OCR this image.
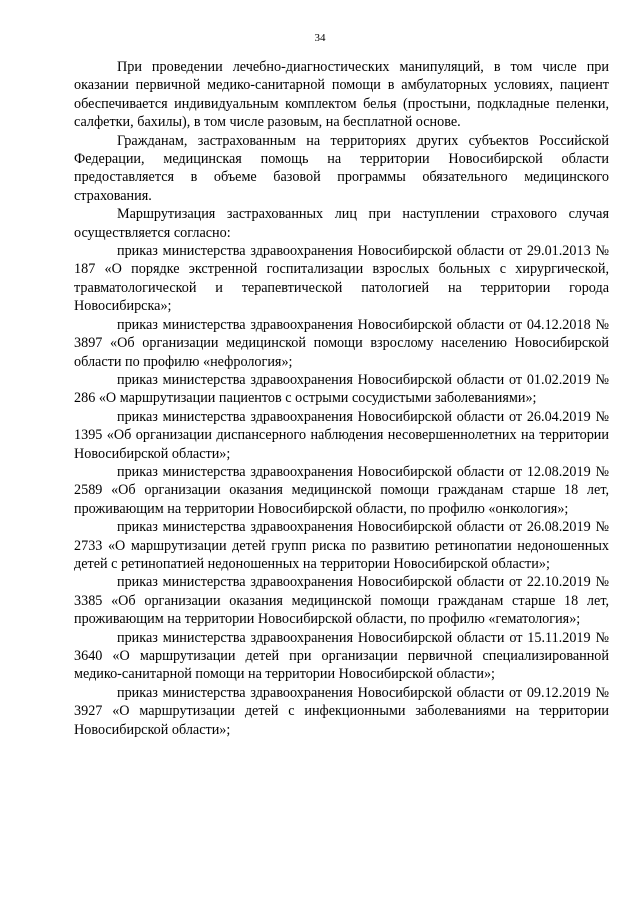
34

При проведении лечебно-диагностических манипуляций, в том числе при оказании первичной медико-санитарной помощи в амбулаторных условиях, пациент обеспечивается индивидуальным комплектом белья (простыни, подкладные пеленки, салфетки, бахилы), в том числе разовым, на бесплатной основе.

Гражданам, застрахованным на территориях других субъектов Российской Федерации, медицинская помощь на территории Новосибирской области предоставляется в объеме базовой программы обязательного медицинского страхования.

Маршрутизация застрахованных лиц при наступлении страхового случая осуществляется согласно:

приказ министерства здравоохранения Новосибирской области от 29.01.2013 № 187 «О порядке экстренной госпитализации взрослых больных с хирургической, травматологической и терапевтической патологией на территории города Новосибирска»;

приказ министерства здравоохранения Новосибирской области от 04.12.2018 № 3897 «Об организации медицинской помощи взрослому населению Новосибирской области по профилю «нефрология»;

приказ министерства здравоохранения Новосибирской области от 01.02.2019 № 286 «О маршрутизации пациентов с острыми сосудистыми заболеваниями»;

приказ министерства здравоохранения Новосибирской области от 26.04.2019 № 1395 «Об организации диспансерного наблюдения несовершеннолетних на территории Новосибирской области»;

приказ министерства здравоохранения Новосибирской области от 12.08.2019 № 2589 «Об организации оказания медицинской помощи гражданам старше 18 лет, проживающим на территории Новосибирской области, по профилю «онкология»;

приказ министерства здравоохранения Новосибирской области от 26.08.2019 № 2733 «О маршрутизации детей групп риска по развитию ретинопатии недоношенных детей с ретинопатией недоношенных на территории Новосибирской области»;

приказ министерства здравоохранения Новосибирской области от 22.10.2019 № 3385 «Об организации оказания медицинской помощи гражданам старше 18 лет, проживающим на территории Новосибирской области, по профилю «гематология»;

приказ министерства здравоохранения Новосибирской области от 15.11.2019 № 3640 «О маршрутизации детей при организации первичной специализированной медико-санитарной помощи на территории Новосибирской области»;

приказ министерства здравоохранения Новосибирской области от 09.12.2019 № 3927 «О маршрутизации детей с инфекционными заболеваниями на территории Новосибирской области»;
